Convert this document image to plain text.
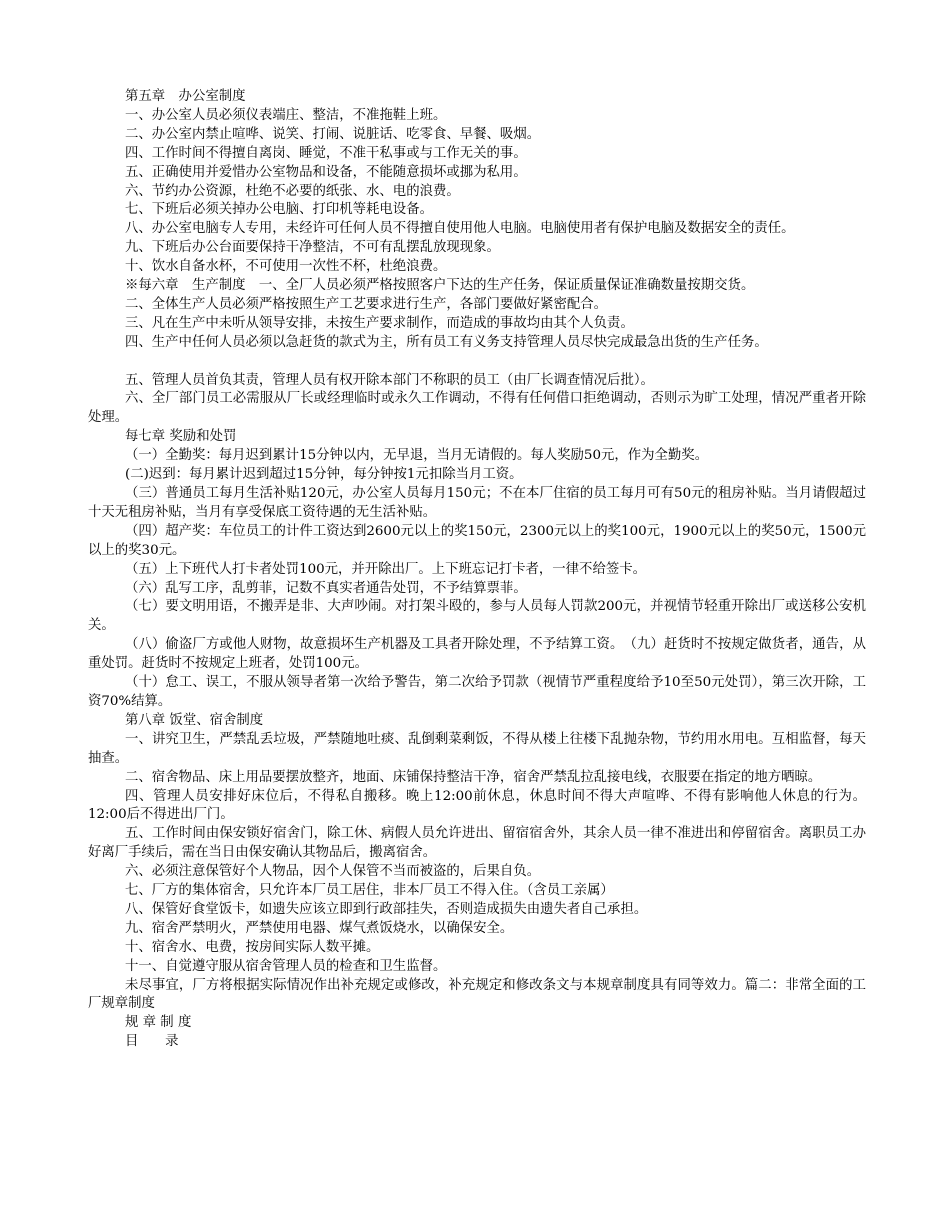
第五章　办公室制度

一、办公室人员必须仪表端庄、整洁，不准拖鞋上班。

二、办公室内禁止喧哗、说笑、打闹、说脏话、吃零食、早餐、吸烟。

四、工作时间不得擅自离岗、睡觉，不准干私事或与工作无关的事。

五、正确使用并爱惜办公室物品和设备，不能随意损坏或挪为私用。

六、节约办公资源，杜绝不必要的纸张、水、电的浪费。

七、下班后必须关掉办公电脑、打印机等耗电设备。

八、办公室电脑专人专用，未经许可任何人员不得擅自使用他人电脑。电脑使用者有保护电脑及数据安全的责任。

九、下班后办公台面要保持干净整洁，不可有乱摆乱放现现象。

十、饮水自备水杯，不可使用一次性不杯，杜绝浪费。

※每六章　生产制度　一、全厂人员必须严格按照客户下达的生产任务，保证质量保证准确数量按期交货。

二、全体生产人员必须严格按照生产工艺要求进行生产，各部门要做好紧密配合。

三、凡在生产中未听从领导安排，未按生产要求制作，而造成的事故均由其个人负责。

四、生产中任何人员必须以急赶货的款式为主，所有员工有义务支持管理人员尽快完成最急出货的生产任务。

五、管理人员首负其责，管理人员有权开除本部门不称职的员工（由厂长调查情况后批）。

六、全厂部门员工必需服从厂长或经理临时或永久工作调动，不得有任何借口拒绝调动，否则示为旷工处理，情况严重者开除处理。

每七章 奖励和处罚

（一）全勤奖：每月迟到累计15分钟以内，无早退，当月无请假的。每人奖励50元，作为全勤奖。

(二)迟到：每月累计迟到超过15分钟，每分钟按1元扣除当月工资。

（三）普通员工每月生活补贴120元，办公室人员每月150元；不在本厂住宿的员工每月可有50元的租房补贴。当月请假超过十天无租房补贴，当月有享受保底工资待遇的无生活补贴。

（四）超产奖：车位员工的计件工资达到2600元以上的奖150元，2300元以上的奖100元，1900元以上的奖50元，1500元以上的奖30元。

（五）上下班代人打卡者处罚100元，并开除出厂。上下班忘记打卡者，一律不给签卡。

（六）乱写工序，乱剪菲，记数不真实者通告处罚，不予结算票菲。

（七）要文明用语，不搬弄是非、大声吵闹。对打架斗殴的，参与人员每人罚款200元，并视情节轻重开除出厂或送移公安机关。

（八）偷盗厂方或他人财物，故意损坏生产机器及工具者开除处理，不予结算工资。　（九）赶货时不按规定做货者，通告，从重处罚。赶货时不按规定上班者，处罚100元。

（十）怠工、误工，不服从领导者第一次给予警告，第二次给予罚款（视情节严重程度给予10至50元处罚），第三次开除，工资70%结算。

第八章 饭堂、宿舍制度

一、讲究卫生，严禁乱丢垃圾，严禁随地吐痰、乱倒剩菜剩饭，不得从楼上往楼下乱抛杂物，节约用水用电。互相监督，每天抽查。

二、宿舍物品、床上用品要摆放整齐，地面、床铺保持整洁干净，宿舍严禁乱拉乱接电线，衣服要在指定的地方晒晾。

四、管理人员安排好床位后，不得私自搬移。晚上12:00前休息，休息时间不得大声喧哗、不得有影响他人休息的行为。12:00后不得进出厂门。

五、工作时间由保安锁好宿舍门，除工休、病假人员允许进出、留宿宿舍外，其余人员一律不准进出和停留宿舍。离职员工办好离厂手续后，需在当日由保安确认其物品后，搬离宿舍。

六、必须注意保管好个人物品，因个人保管不当而被盗的，后果自负。

七、厂方的集体宿舍，只允许本厂员工居住，非本厂员工不得入住。（含员工亲属）

八、保管好食堂饭卡，如遗失应该立即到行政部挂失，否则造成损失由遗失者自己承担。

九、宿舍严禁明火，严禁使用电器、煤气煮饭烧水，以确保安全。

十、宿舍水、电费，按房间实际人数平摊。

十一、自觉遵守服从宿舍管理人员的检查和卫生监督。

未尽事宜，厂方将根据实际情况作出补充规定或修改，补充规定和修改条文与本规章制度具有同等效力。篇二：非常全面的工厂规章制度

规 章 制 度

目　　录
